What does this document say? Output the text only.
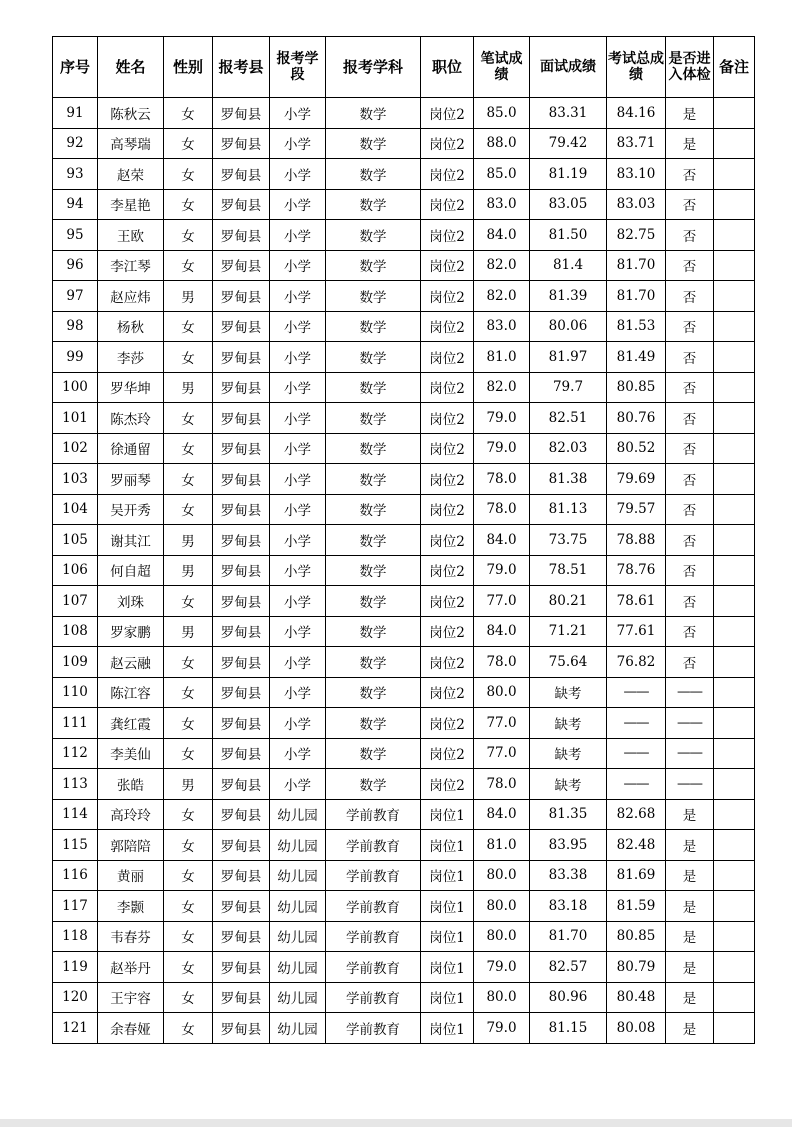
序号	姓名	性别	报考县	报考学段	报考学科	职位	笔试成绩	面试成绩	考试总成绩	是否进入体检	备注
91	陈秋云	女	罗甸县	小学	数学	岗位2	85.0	83.31	84.16	是	
92	高琴瑞	女	罗甸县	小学	数学	岗位2	88.0	79.42	83.71	是	
93	赵荣	女	罗甸县	小学	数学	岗位2	85.0	81.19	83.10	否	
94	李星艳	女	罗甸县	小学	数学	岗位2	83.0	83.05	83.03	否	
95	王欧	女	罗甸县	小学	数学	岗位2	84.0	81.50	82.75	否	
96	李江琴	女	罗甸县	小学	数学	岗位2	82.0	81.4	81.70	否	
97	赵应炜	男	罗甸县	小学	数学	岗位2	82.0	81.39	81.70	否	
98	杨秋	女	罗甸县	小学	数学	岗位2	83.0	80.06	81.53	否	
99	李莎	女	罗甸县	小学	数学	岗位2	81.0	81.97	81.49	否	
100	罗华坤	男	罗甸县	小学	数学	岗位2	82.0	79.7	80.85	否	
101	陈杰玲	女	罗甸县	小学	数学	岗位2	79.0	82.51	80.76	否	
102	徐通留	女	罗甸县	小学	数学	岗位2	79.0	82.03	80.52	否	
103	罗丽琴	女	罗甸县	小学	数学	岗位2	78.0	81.38	79.69	否	
104	吴开秀	女	罗甸县	小学	数学	岗位2	78.0	81.13	79.57	否	
105	谢其江	男	罗甸县	小学	数学	岗位2	84.0	73.75	78.88	否	
106	何自超	男	罗甸县	小学	数学	岗位2	79.0	78.51	78.76	否	
107	刘珠	女	罗甸县	小学	数学	岗位2	77.0	80.21	78.61	否	
108	罗家鹏	男	罗甸县	小学	数学	岗位2	84.0	71.21	77.61	否	
109	赵云融	女	罗甸县	小学	数学	岗位2	78.0	75.64	76.82	否	
110	陈江容	女	罗甸县	小学	数学	岗位2	80.0	缺考	——	——	
111	龚红霞	女	罗甸县	小学	数学	岗位2	77.0	缺考	——	——	
112	李美仙	女	罗甸县	小学	数学	岗位2	77.0	缺考	——	——	
113	张皓	男	罗甸县	小学	数学	岗位2	78.0	缺考	——	——	
114	高玲玲	女	罗甸县	幼儿园	学前教育	岗位1	84.0	81.35	82.68	是	
115	郭陪陪	女	罗甸县	幼儿园	学前教育	岗位1	81.0	83.95	82.48	是	
116	黄丽	女	罗甸县	幼儿园	学前教育	岗位1	80.0	83.38	81.69	是	
117	李颢	女	罗甸县	幼儿园	学前教育	岗位1	80.0	83.18	81.59	是	
118	韦春芬	女	罗甸县	幼儿园	学前教育	岗位1	80.0	81.70	80.85	是	
119	赵举丹	女	罗甸县	幼儿园	学前教育	岗位1	79.0	82.57	80.79	是	
120	王宇容	女	罗甸县	幼儿园	学前教育	岗位1	80.0	80.96	80.48	是	
121	余春娅	女	罗甸县	幼儿园	学前教育	岗位1	79.0	81.15	80.08	是	
